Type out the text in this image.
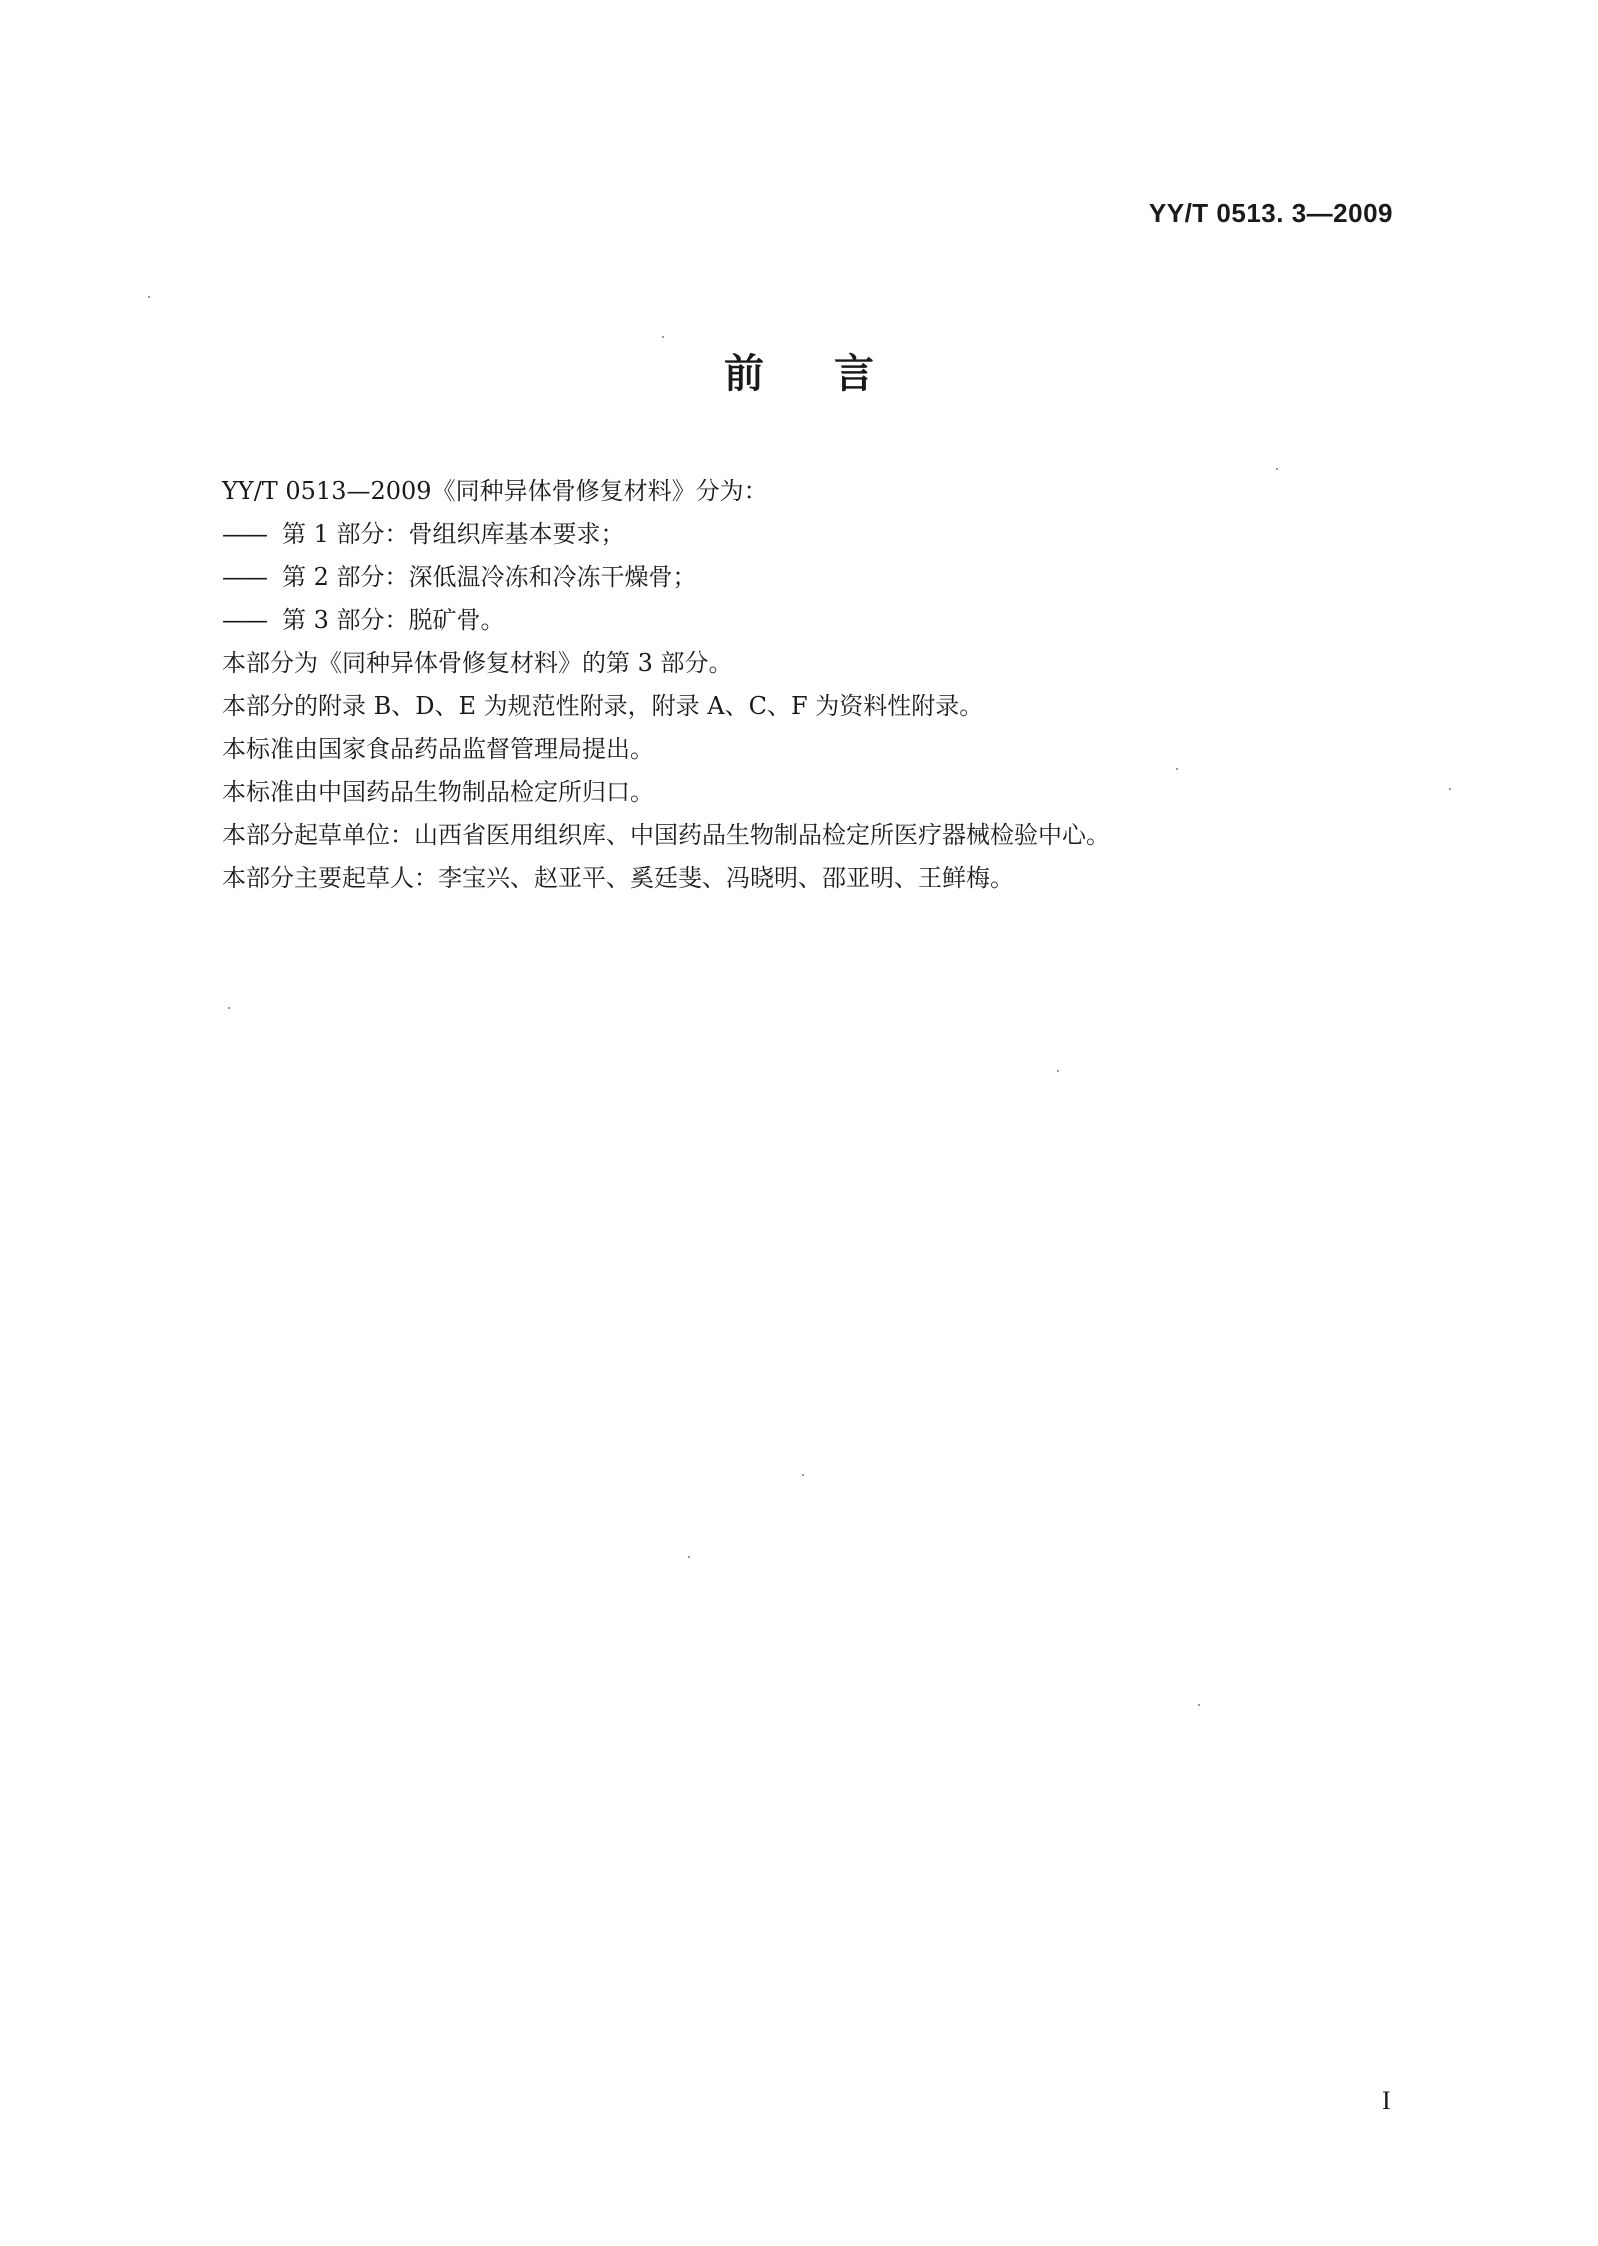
YY/T 0513. 3—2009
前 言
YY/T 0513—2009《同种异体骨修复材料》分为：
—— 第 1 部分：骨组织库基本要求；
—— 第 2 部分：深低温冷冻和冷冻干燥骨；
—— 第 3 部分：脱矿骨。
本部分为《同种异体骨修复材料》的第 3 部分。
本部分的附录 B、D、E 为规范性附录，附录 A、C、F 为资料性附录。
本标准由国家食品药品监督管理局提出。
本标准由中国药品生物制品检定所归口。
本部分起草单位：山西省医用组织库、中国药品生物制品检定所医疗器械检验中心。
本部分主要起草人：李宝兴、赵亚平、奚廷斐、冯晓明、邵亚明、王鲜梅。
I
